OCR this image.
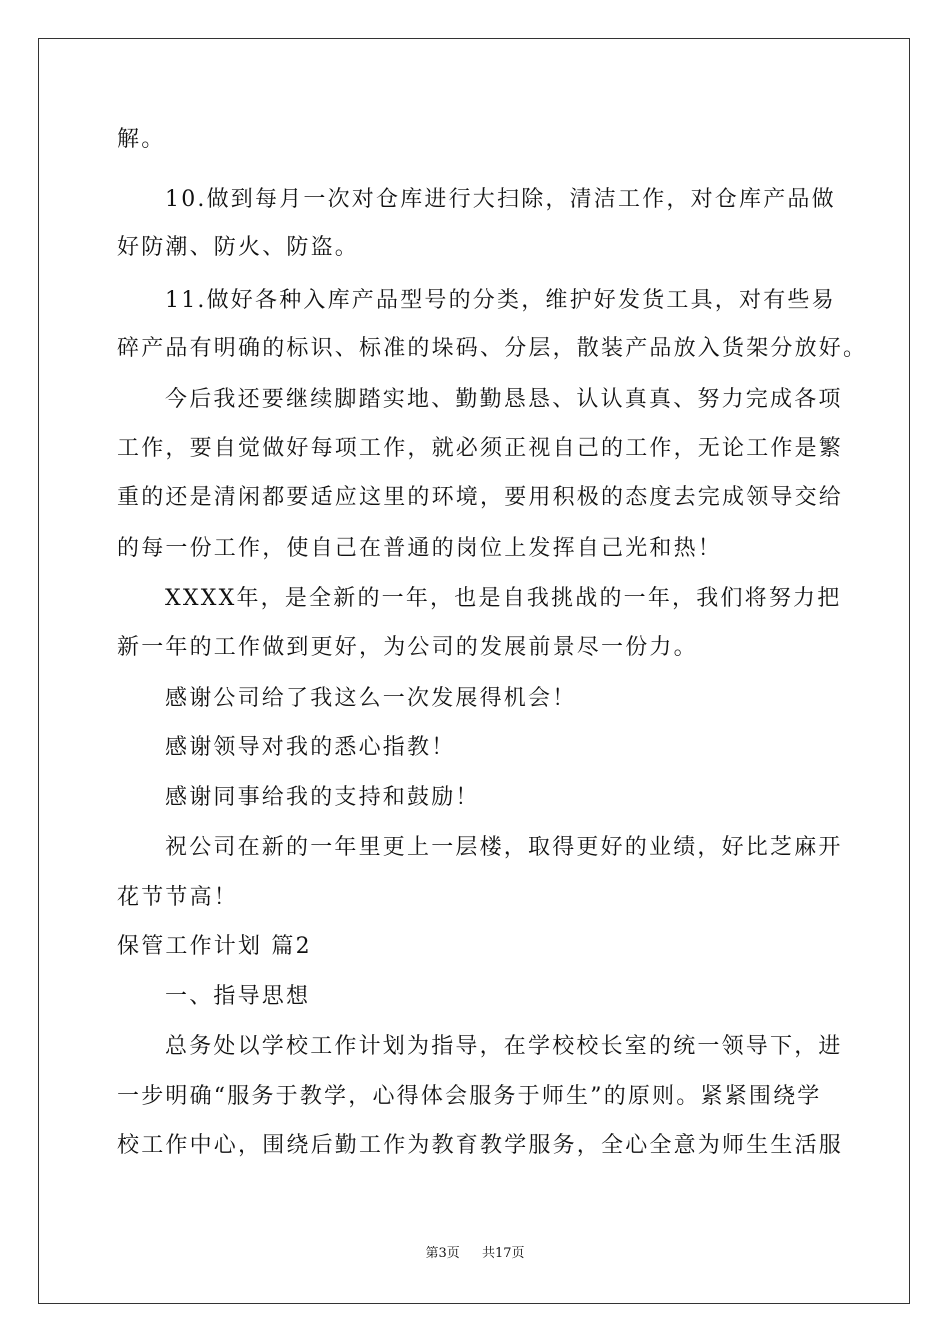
解。
10.做到每月一次对仓库进行大扫除，清洁工作，对仓库产品做
好防潮、防火、防盗。
11.做好各种入库产品型号的分类，维护好发货工具，对有些易
碎产品有明确的标识、标准的垛码、分层，散装产品放入货架分放好。
今后我还要继续脚踏实地、勤勤恳恳、认认真真、努力完成各项
工作，要自觉做好每项工作，就必须正视自己的工作，无论工作是繁
重的还是清闲都要适应这里的环境，要用积极的态度去完成领导交给
的每一份工作，使自己在普通的岗位上发挥自己光和热！
XXXX年，是全新的一年，也是自我挑战的一年，我们将努力把
新一年的工作做到更好，为公司的发展前景尽一份力。
感谢公司给了我这么一次发展得机会！
感谢领导对我的悉心指教！
感谢同事给我的支持和鼓励！
祝公司在新的一年里更上一层楼，取得更好的业绩，好比芝麻开
花节节高！
保管工作计划 篇2
一、指导思想
总务处以学校工作计划为指导，在学校校长室的统一领导下，进
一步明确“服务于教学，心得体会服务于师生”的原则。紧紧围绕学
校工作中心，围绕后勤工作为教育教学服务，全心全意为师生生活服
第3页 共17页
